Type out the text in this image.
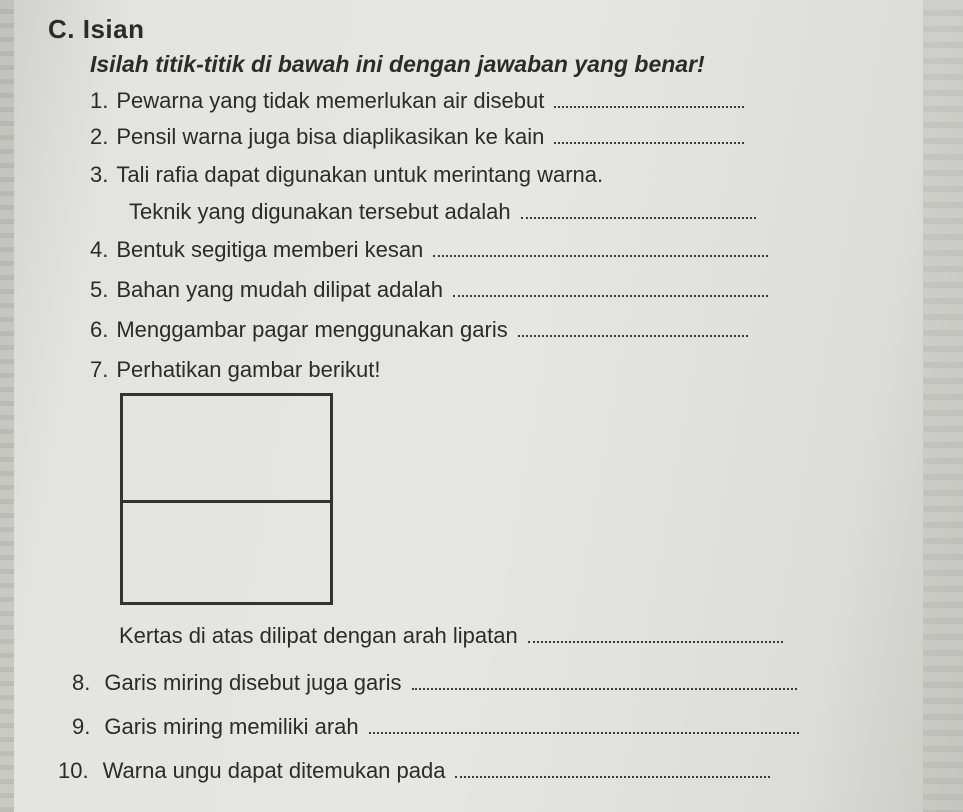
C. Isian
Isilah titik-titik di bawah ini dengan jawaban yang benar!
1. Pewarna yang tidak memerlukan air disebut
2. Pensil warna juga bisa diaplikasikan ke kain
3. Tali rafia dapat digunakan untuk merintang warna.
Teknik yang digunakan tersebut adalah
4. Bentuk segitiga memberi kesan
5. Bahan yang mudah dilipat adalah
6. Menggambar pagar menggunakan garis
7. Perhatikan gambar berikut!
Kertas di atas dilipat dengan arah lipatan
8. Garis miring disebut juga garis
9. Garis miring memiliki arah
10. Warna ungu dapat ditemukan pada
